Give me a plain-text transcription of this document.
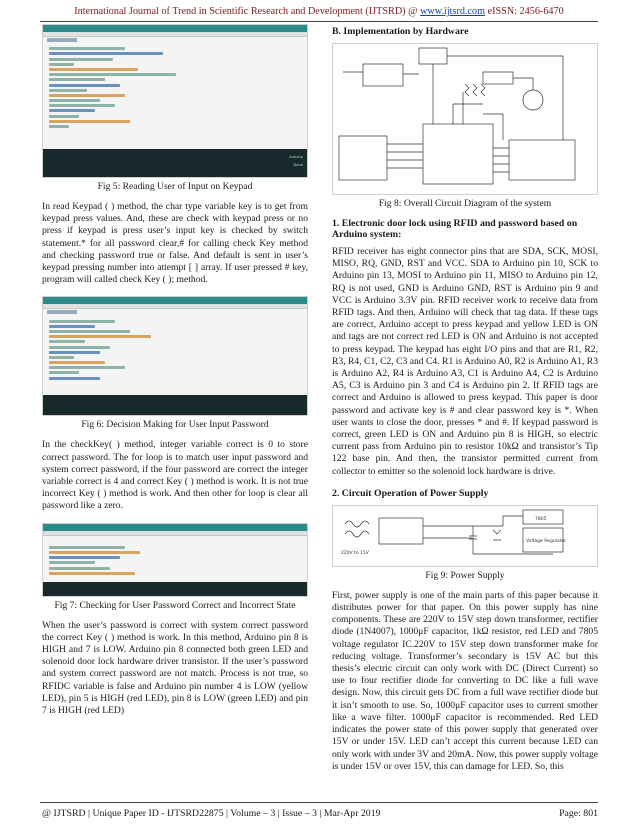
International Journal of Trend in Scientific Research and Development (IJTSRD) @ www.ijtsrd.com eISSN: 2456-6470
Arduino
Done
Fig 5: Reading User of Input on Keypad

In read Keypad ( ) method, the char type variable key is to get from keypad press values. And, these are check with keypad press or no press if keypad is press user’s input key is checked by switch statement.* for all password clear,# for calling check Key method and checking password true or false. And default is sent in user’s keypad pressing number into attempt [ ] array. If user pressed # key, program will called check Key ( ); method.

Fig 6: Decision Making for User Input Password

In the checkKey( ) method, integer variable correct is 0 to store correct password. The for loop is to match user input password and system correct password, if the four password are correct the integer variable correct is 4 and correct Key ( ) method is work. It is not true incorrect Key ( ) method is work. And then other for loop is clear all password like a zero.

Fig 7: Checking for User Password Correct and Incorrect State

When the user’s password is correct with system correct password the correct Key ( ) method is work. In this method, Arduino pin 8 is HIGH and 7 is LOW. Arduino pin 8 connected both green LED and solenoid door lock hardware driver transistor. If the user’s password and system correct password are not match. Process is not true, so RFIDC variable is false and Arduino pin number 4 is LOW (yellow LED), pin 5 is HIGH (red LED), pin 8 is LOW (green LED) and pin 7 is HIGH (red LED)

B. Implementation by Hardware
Fig 8: Overall Circuit Diagram of the system
1. Electronic door lock using RFID and password based on Arduino system:

RFID receiver has eight connector pins that are SDA, SCK, MOSI, MISO, RQ, GND, RST and VCC. SDA to Arduino pin 10, SCK to Arduino pin 13, MOSI to Arduino pin 11, MISO to Arduino pin 12, RQ is not used, GND is Arduino GND, RST is Arduino pin 9 and VCC is Arduino 3.3V pin. RFID receiver work to receive data from RFID tags. And then, Arduino will check that tag data. If these tags are correct, Arduino accept to press keypad and yellow LED is ON and tags are not correct red LED is ON and Arduino is not accepted to press keypad. The keypad has eight I/O pins and that are R1, R2, R3, R4, C1, C2, C3 and C4. R1 is Arduino A0, R2 is Arduino A1, R3 is Arduino A2, R4 is Arduino A3, C1 is Arduino A4, C2 is Arduino A5, C3 is Arduino pin 3 and C4 is Arduino pin 2. If RFID tags are correct and Arduino is allowed to press keypad. This paper is door password and activate key is # and clear password key is *. When user wants to close the door, presses * and #. If keypad password is correct, green LED is ON and Arduino pin 8 is HIGH, so electric current pass from Arduino pin to resistor 10kΩ and transistor’s Tip 122 base pin. And then, the transistor permitted current from collector to emitter so the solenoid lock hardware is drive.

2. Circuit Operation of Power Supply
220V to 15V
7805
Voltage Regulator
Fig 9: Power Supply

First, power supply is one of the main parts of this paper because it distributes power for that paper. On this power supply has nine components. These are 220V to 15V step down transformer, rectifier diode (1N4007), 1000μF capacitor, 1kΩ resistor, red LED and 7805 voltage regulator IC.220V to 15V step down transformer make for reducing voltage. Transformer’s secondary is 15V AC but this thesis’s electric circuit can only work with DC (Direct Current) so use to four rectifier diode for converting to DC like a full wave design. Now, this circuit gets DC from a full wave rectifier diode but it isn’t smooth to use. So, 1000μF capacitor uses to current smother like a wave filter. 1000μF capacitor is recommended. Red LED indicates the power state of this power supply that generated over 15V or under 15V. LED can’t accept this current because LED can only work with under 3V and 20mA. Now, this power supply voltage is under 15V or over 15V, this can damage for LED. So, this

@ IJTSRD | Unique Paper ID - IJTSRD22875 | Volume – 3 | Issue – 3 | Mar-Apr 2019	Page: 801
